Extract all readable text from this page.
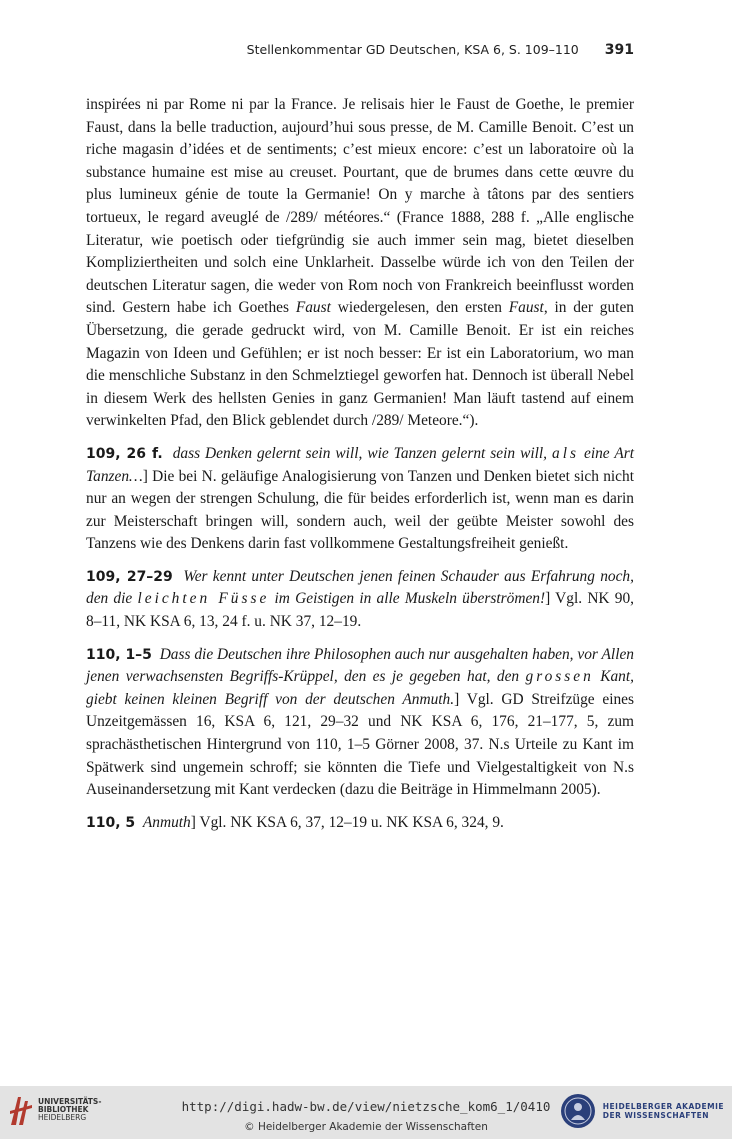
Stellenkommentar GD Deutschen, KSA 6, S. 109–110 391

inspirées ni par Rome ni par la France. Je relisais hier le Faust de Goethe, le premier Faust, dans la belle traduction, aujourd’hui sous presse, de M. Camille Benoit. C’est un riche magasin d’idées et de sentiments; c’est mieux encore: c’est un laboratoire où la substance humaine est mise au creuset. Pourtant, que de brumes dans cette œuvre du plus lumineux génie de toute la Germanie! On y marche à tâtons par des sentiers tortueux, le regard aveuglé de /289/ météores.“ (France 1888, 288 f. „Alle englische Literatur, wie poetisch oder tiefgründig sie auch immer sein mag, bietet dieselben Kompliziertheiten und solch eine Unklarheit. Dasselbe würde ich von den Teilen der deutschen Literatur sagen, die weder von Rom noch von Frankreich beeinflusst worden sind. Gestern habe ich Goethes Faust wiedergelesen, den ersten Faust, in der guten Übersetzung, die gerade gedruckt wird, von M. Camille Benoit. Er ist ein reiches Magazin von Ideen und Gefühlen; er ist noch besser: Er ist ein Laboratorium, wo man die menschliche Substanz in den Schmelztiegel geworfen hat. Dennoch ist überall Nebel in diesem Werk des hellsten Genies in ganz Germanien! Man läuft tastend auf einem verwinkelten Pfad, den Blick geblendet durch /289/ Meteore.“).

109, 26 f. dass Denken gelernt sein will, wie Tanzen gelernt sein will, als eine Art Tanzen…] Die bei N. geläufige Analogisierung von Tanzen und Denken bietet sich nicht nur an wegen der strengen Schulung, die für beides erforderlich ist, wenn man es darin zur Meisterschaft bringen will, sondern auch, weil der geübte Meister sowohl des Tanzens wie des Denkens darin fast vollkommene Gestaltungsfreiheit genießt.

109, 27–29 Wer kennt unter Deutschen jenen feinen Schauder aus Erfahrung noch, den die leichten Füsse im Geistigen in alle Muskeln überströmen!] Vgl. NK 90, 8–11, NK KSA 6, 13, 24 f. u. NK 37, 12–19.

110, 1–5 Dass die Deutschen ihre Philosophen auch nur ausgehalten haben, vor Allen jenen verwachsensten Begriffs-Krüppel, den es je gegeben hat, den grossen Kant, giebt keinen kleinen Begriff von der deutschen Anmuth.] Vgl. GD Streifzüge eines Unzeitgemässen 16, KSA 6, 121, 29–32 und NK KSA 6, 176, 21–177, 5, zum sprachästhetischen Hintergrund von 110, 1–5 Görner 2008, 37. N.s Urteile zu Kant im Spätwerk sind ungemein schroff; sie könnten die Tiefe und Vielgestaltigkeit von N.s Auseinandersetzung mit Kant verdecken (dazu die Beiträge in Himmelmann 2005).

110, 5 Anmuth] Vgl. NK KSA 6, 37, 12–19 u. NK KSA 6, 324, 9.

UNIVERSITÄTS-
BIBLIOTHEK
HEIDELBERG
http://digi.hadw-bw.de/view/nietzsche_kom6_1/0410
© Heidelberger Akademie der Wissenschaften
HEIDELBERGER AKADEMIE
DER WISSENSCHAFTEN
